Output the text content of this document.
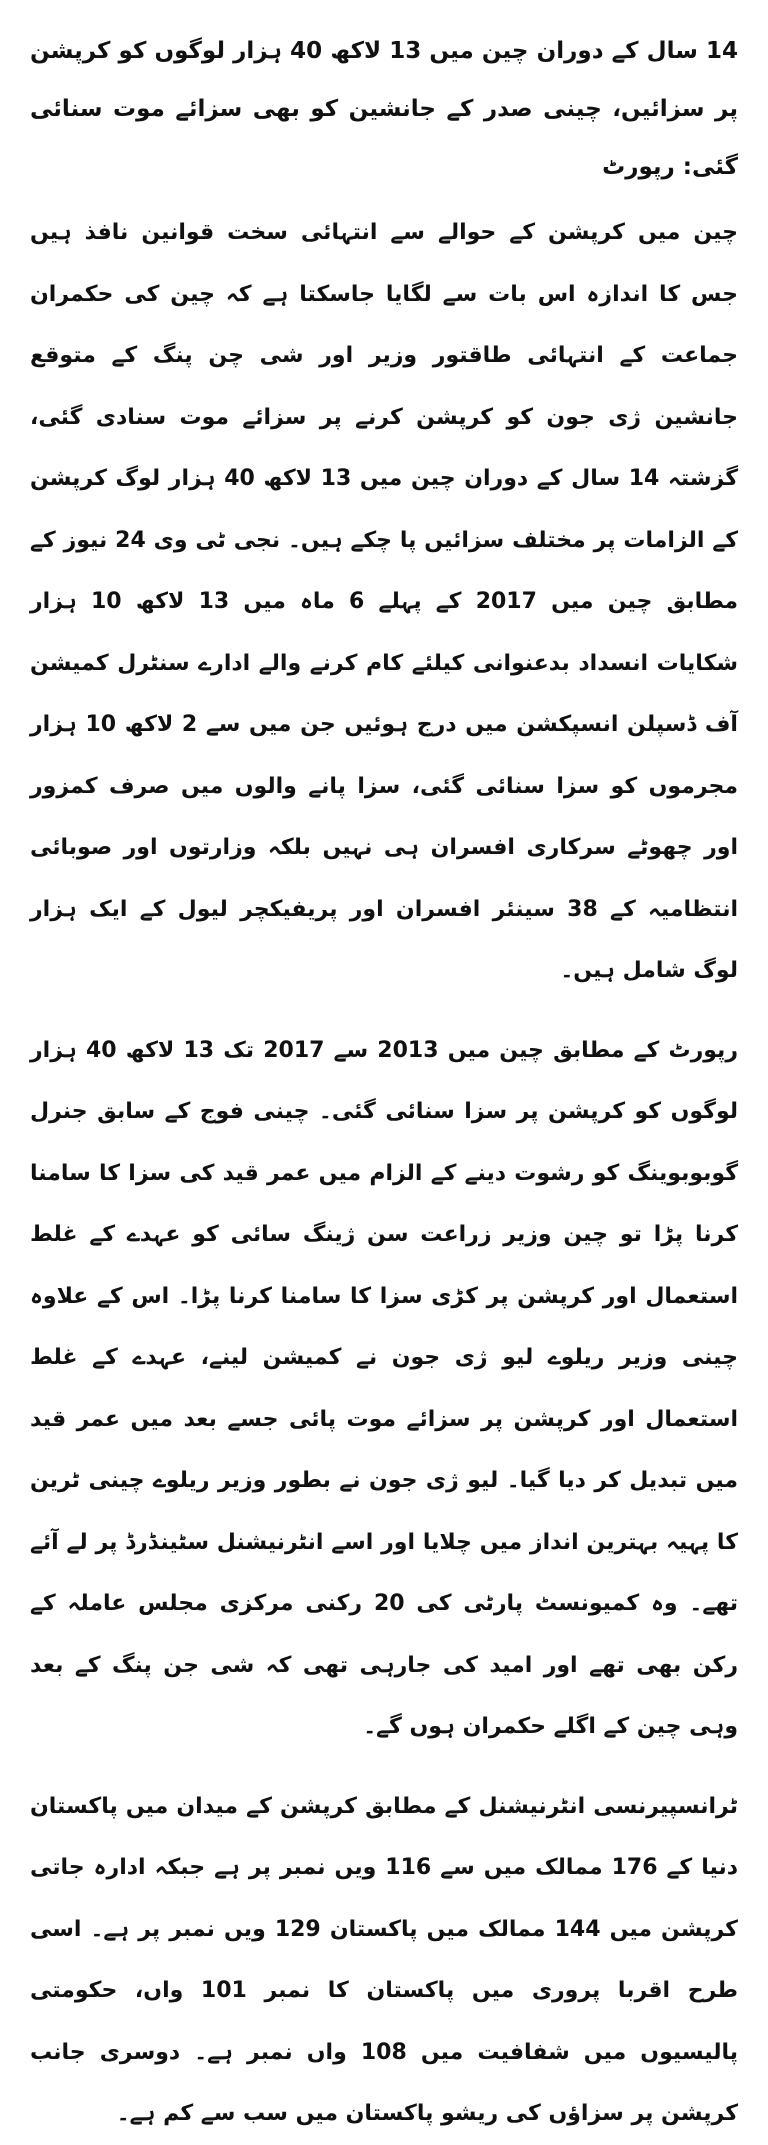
14 سال کے دوران چین میں 13 لاکھ 40 ہزار لوگوں کو کرپشن پر سزائیں، چینی صدر کے جانشین کو بھی سزائے موت سنائی گئی: رپورٹ

چین میں کرپشن کے حوالے سے انتہائی سخت قوانین نافذ ہیں جس کا اندازہ اس بات سے لگایا جاسکتا ہے کہ چین کی حکمران جماعت کے انتہائی طاقتور وزیر اور شی چن پنگ کے متوقع جانشین ژی جون کو کرپشن کرنے پر سزائے موت سنادی گئی، گزشتہ 14 سال کے دوران چین میں 13 لاکھ 40 ہزار لوگ کرپشن کے الزامات پر مختلف سزائیں پا چکے ہیں۔ نجی ٹی وی 24 نیوز کے مطابق چین میں 2017 کے پہلے 6 ماہ میں 13 لاکھ 10 ہزار شکایات انسداد بدعنوانی کیلئے کام کرنے والے ادارے سنٹرل کمیشن آف ڈسپلن انسپکشن میں درج ہوئیں جن میں سے 2 لاکھ 10 ہزار مجرموں کو سزا سنائی گئی، سزا پانے والوں میں صرف کمزور اور چھوٹے سرکاری افسران ہی نہیں بلکہ وزارتوں اور صوبائی انتظامیہ کے 38 سینئر افسران اور پریفیکچر لیول کے ایک ہزار لوگ شامل ہیں۔

رپورٹ کے مطابق چین میں 2013 سے 2017 تک 13 لاکھ 40 ہزار لوگوں کو کرپشن پر سزا سنائی گئی۔ چینی فوج کے سابق جنرل گوبوبوینگ کو رشوت دینے کے الزام میں عمر قید کی سزا کا سامنا کرنا پڑا تو چین وزیر زراعت سن ژینگ سائی کو عہدے کے غلط استعمال اور کرپشن پر کڑی سزا کا سامنا کرنا پڑا۔ اس کے علاوہ چینی وزیر ریلوے لیو ژی جون نے کمیشن لینے، عہدے کے غلط استعمال اور کرپشن پر سزائے موت پائی جسے بعد میں عمر قید میں تبدیل کر دیا گیا۔ لیو ژی جون نے بطور وزیر ریلوے چینی ٹرین کا پہیہ بہترین انداز میں چلایا اور اسے انٹرنیشنل سٹینڈرڈ پر لے آئے تھے۔ وہ کمیونسٹ پارٹی کی 20 رکنی مرکزی مجلس عاملہ کے رکن بھی تھے اور امید کی جارہی تھی کہ شی جن پنگ کے بعد وہی چین کے اگلے حکمران ہوں گے۔

ٹرانسپیرنسی انٹرنیشنل کے مطابق کرپشن کے میدان میں پاکستان دنیا کے 176 ممالک میں سے 116 ویں نمبر پر ہے جبکہ ادارہ جاتی کرپشن میں 144 ممالک میں پاکستان 129 ویں نمبر پر ہے۔ اسی طرح اقربا پروری میں پاکستان کا نمبر 101 واں، حکومتی پالیسیوں میں شفافیت میں 108 واں نمبر ہے۔ دوسری جانب کرپشن پر سزاؤں کی ریشو پاکستان میں سب سے کم ہے۔
